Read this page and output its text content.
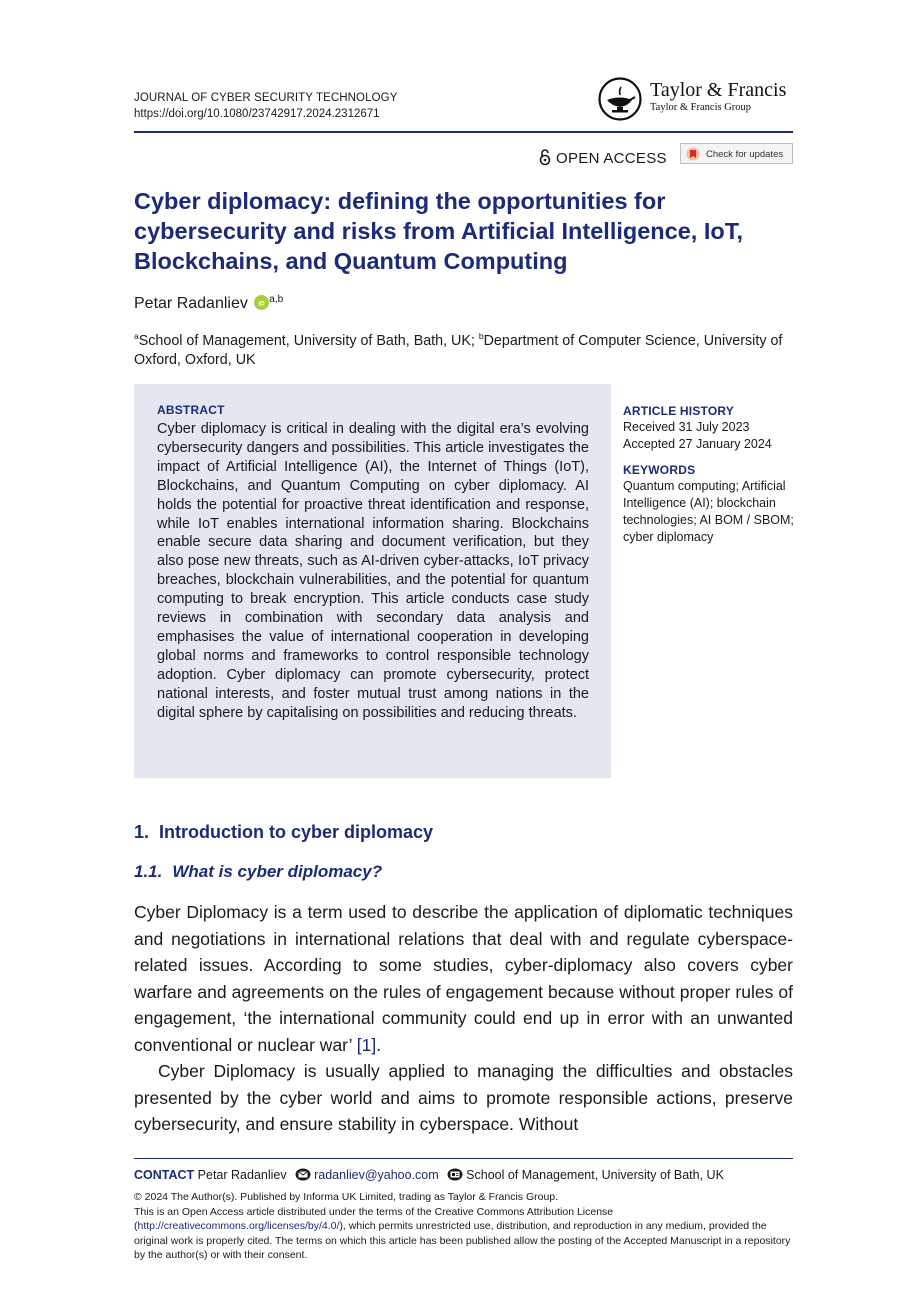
JOURNAL OF CYBER SECURITY TECHNOLOGY
https://doi.org/10.1080/23742917.2024.2312671
Taylor & Francis
Taylor & Francis Group
OPEN ACCESS	Check for updates
Cyber diplomacy: defining the opportunities for cybersecurity and risks from Artificial Intelligence, IoT, Blockchains, and Quantum Computing
Petar Radanliev iD $^{a,b}$
$^a$School of Management, University of Bath, Bath, UK; $^b$Department of Computer Science, University of Oxford, Oxford, UK
ABSTRACT

Cyber diplomacy is critical in dealing with the digital era’s evolving cybersecurity dangers and possibilities. This article investigates the impact of Artificial Intelligence (AI), the Internet of Things (IoT), Blockchains, and Quantum Computing on cyber diplomacy. AI holds the potential for proactive threat identification and response, while IoT enables international information sharing. Blockchains enable secure data sharing and document verification, but they also pose new threats, such as AI-driven cyber-attacks, IoT privacy breaches, blockchain vulnerabilities, and the potential for quantum computing to break encryption. This article conducts case study reviews in combination with secondary data analysis and emphasises the value of international cooperation in developing global norms and frameworks to control responsible technology adoption. Cyber diplomacy can promote cybersecurity, protect national interests, and foster mutual trust among nations in the digital sphere by capitalising on possibilities and reducing threats.

ARTICLE HISTORY
Received 31 July 2023
Accepted 27 January 2024
KEYWORDS
Quantum computing; Artificial Intelligence (AI); blockchain technologies; AI BOM / SBOM; cyber diplomacy
1. Introduction to cyber diplomacy
1.1. What is cyber diplomacy?

Cyber Diplomacy is a term used to describe the application of diplomatic techniques and negotiations in international relations that deal with and regulate cyberspace-related issues. According to some studies, cyber-diplomacy also covers cyber warfare and agreements on the rules of engagement because without proper rules of engagement, ‘the international community could end up in error with an unwanted conventional or nuclear war’ [1].

Cyber Diplomacy is usually applied to managing the difficulties and obstacles presented by the cyber world and aims to promote responsible actions, preserve cybersecurity, and ensure stability in cyberspace. Without

CONTACT Petar Radanliev radanliev@yahoo.com School of Management, University of Bath, UK

© 2024 The Author(s). Published by Informa UK Limited, trading as Taylor & Francis Group.

This is an Open Access article distributed under the terms of the Creative Commons Attribution License (http://creativecommons.org/licenses/by/4.0/), which permits unrestricted use, distribution, and reproduction in any medium, provided the original work is properly cited. The terms on which this article has been published allow the posting of the Accepted Manuscript in a repository by the author(s) or with their consent.
